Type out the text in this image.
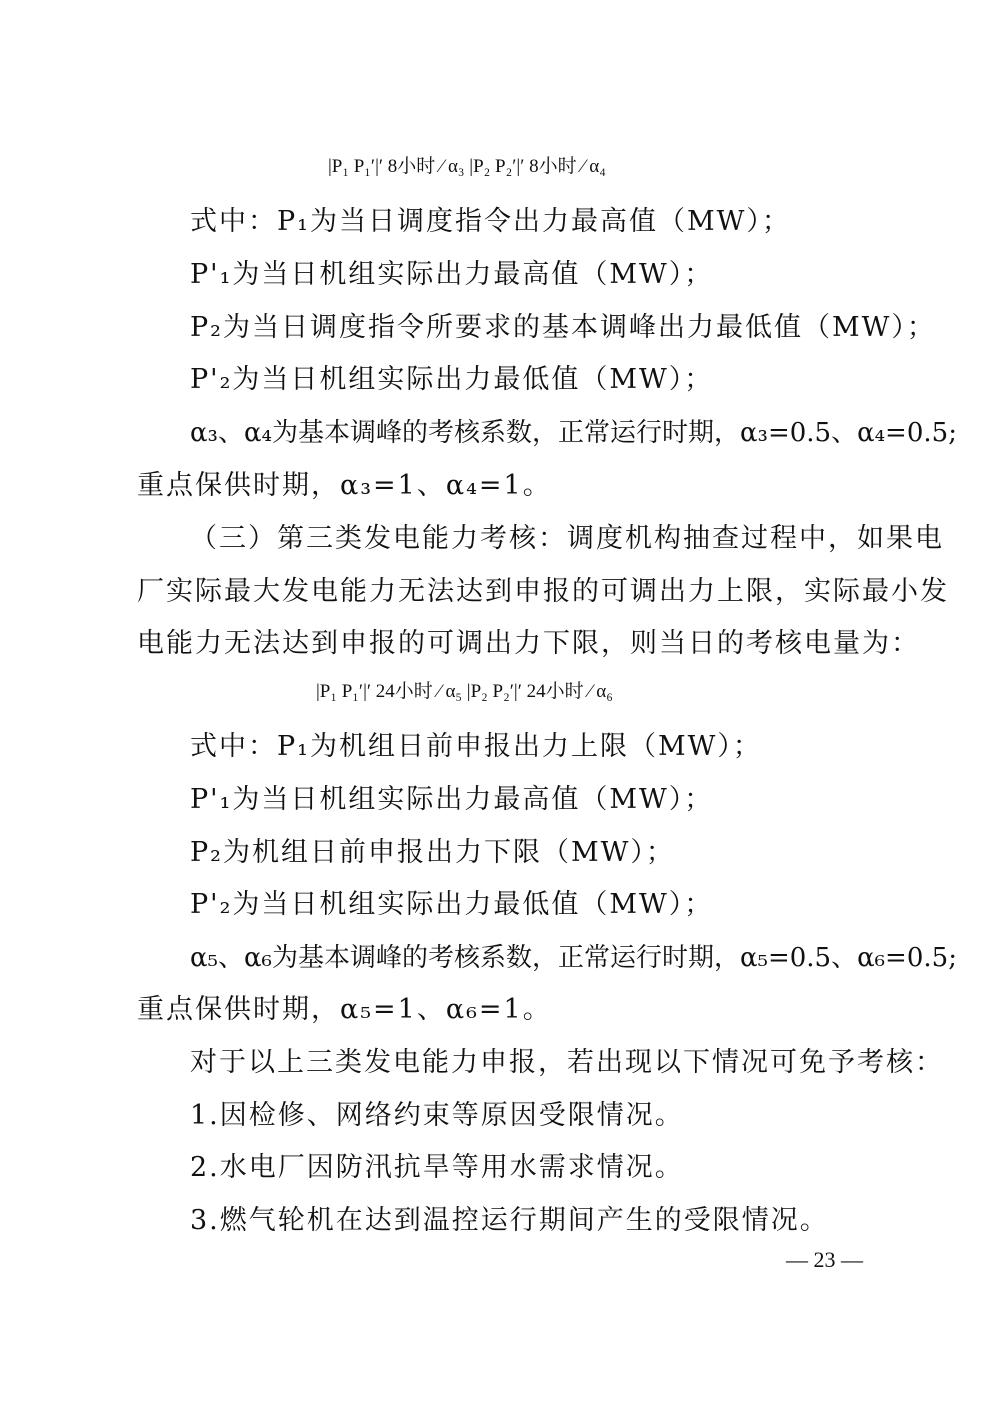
|P₁ P₁′|′ 8小时 ⁄ α₃ |P₂ P₂′|′ 8小时 ⁄ α₄
式中：P₁为当日调度指令出力最高值（MW）；
P'₁为当日机组实际出力最高值（MW）；
P₂为当日调度指令所要求的基本调峰出力最低值（MW）；
P'₂为当日机组实际出力最低值（MW）；
α₃、α₄为基本调峰的考核系数，正常运行时期，α₃=0.5、α₄=0.5;
重点保供时期，α₃=1、α₄=1。
（三）第三类发电能力考核：调度机构抽查过程中，如果电
厂实际最大发电能力无法达到申报的可调出力上限，实际最小发
电能力无法达到申报的可调出力下限，则当日的考核电量为：
|P₁ P₁′|′ 24小时 ⁄ α₅ |P₂ P₂′|′ 24小时 ⁄ α₆
式中：P₁为机组日前申报出力上限（MW）；
P'₁为当日机组实际出力最高值（MW）；
P₂为机组日前申报出力下限（MW）；
P'₂为当日机组实际出力最低值（MW）；
α₅、α₆为基本调峰的考核系数，正常运行时期，α₅=0.5、α₆=0.5;
重点保供时期，α₅=1、α₆=1。
对于以上三类发电能力申报，若出现以下情况可免予考核：
1.因检修、网络约束等原因受限情况。
2.水电厂因防汛抗旱等用水需求情况。
3.燃气轮机在达到温控运行期间产生的受限情况。
— 23 —
